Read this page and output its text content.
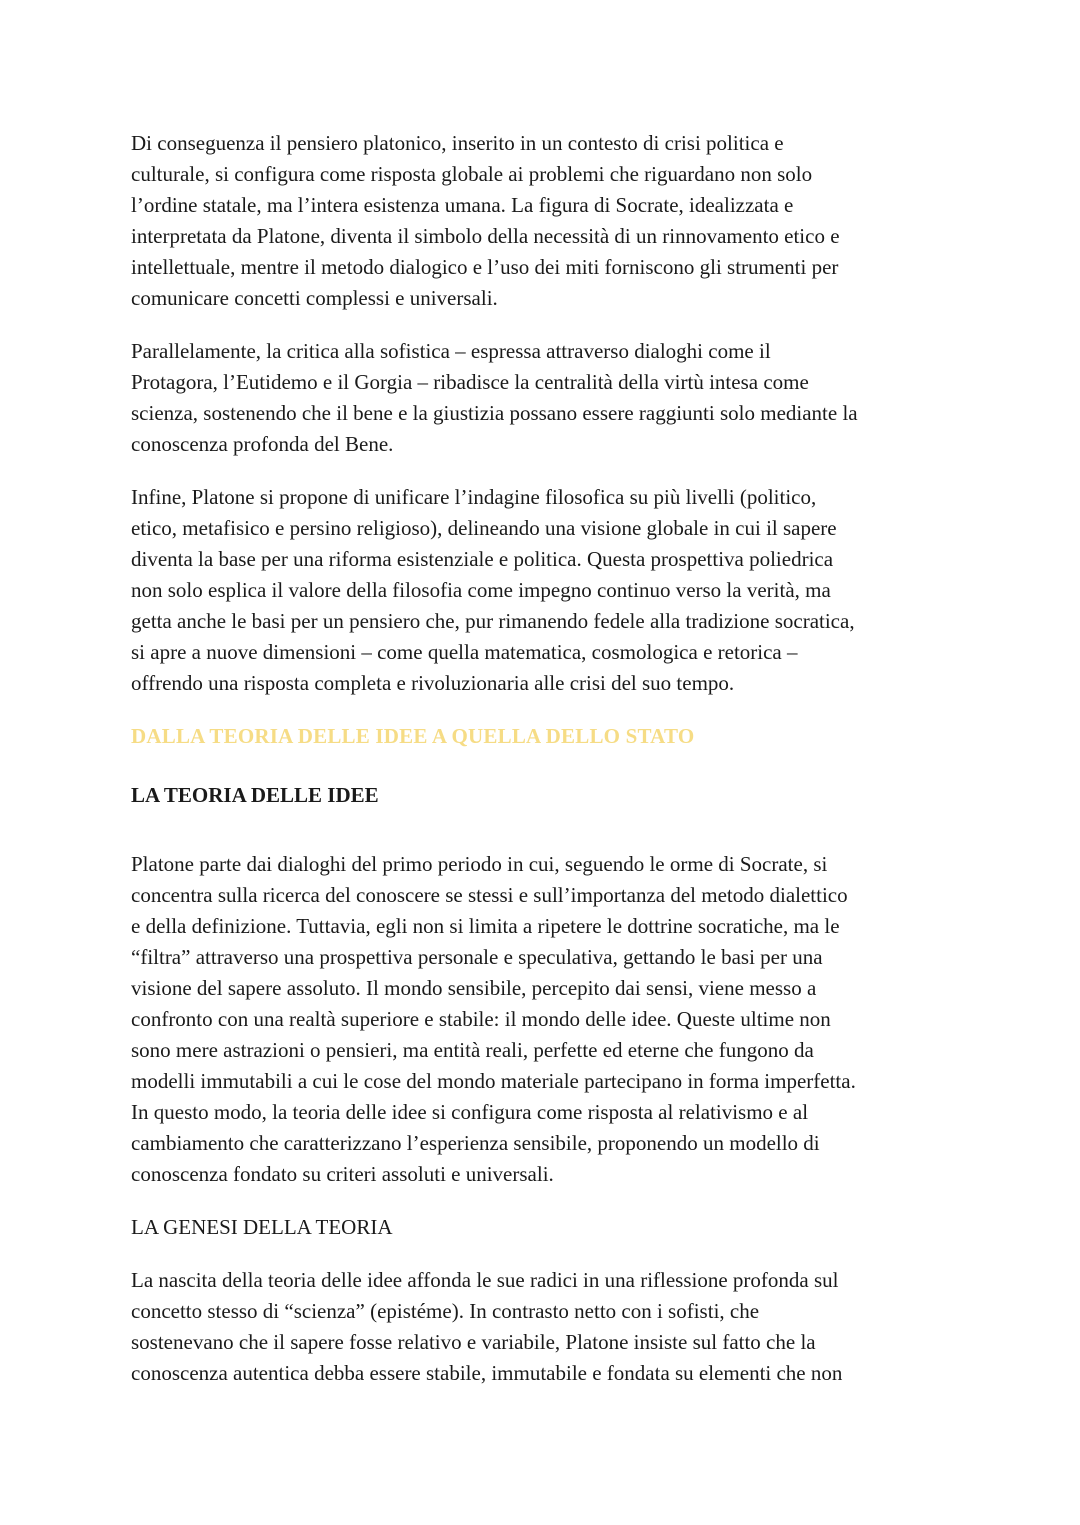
Di conseguenza il pensiero platonico, inserito in un contesto di crisi politica e
culturale, si configura come risposta globale ai problemi che riguardano non solo
l’ordine statale, ma l’intera esistenza umana. La figura di Socrate, idealizzata e
interpretata da Platone, diventa il simbolo della necessità di un rinnovamento etico e
intellettuale, mentre il metodo dialogico e l’uso dei miti forniscono gli strumenti per
comunicare concetti complessi e universali.

Parallelamente, la critica alla sofistica – espressa attraverso dialoghi come il
Protagora, l’Eutidemo e il Gorgia – ribadisce la centralità della virtù intesa come
scienza, sostenendo che il bene e la giustizia possano essere raggiunti solo mediante la
conoscenza profonda del Bene.

Infine, Platone si propone di unificare l’indagine filosofica su più livelli (politico,
etico, metafisico e persino religioso), delineando una visione globale in cui il sapere
diventa la base per una riforma esistenziale e politica. Questa prospettiva poliedrica
non solo esplica il valore della filosofia come impegno continuo verso la verità, ma
getta anche le basi per un pensiero che, pur rimanendo fedele alla tradizione socratica,
si apre a nuove dimensioni – come quella matematica, cosmologica e retorica –
offrendo una risposta completa e rivoluzionaria alle crisi del suo tempo.

DALLA TEORIA DELLE IDEE A QUELLA DELLO STATO
LA TEORIA DELLE IDEE

Platone parte dai dialoghi del primo periodo in cui, seguendo le orme di Socrate, si
concentra sulla ricerca del conoscere se stessi e sull’importanza del metodo dialettico
e della definizione. Tuttavia, egli non si limita a ripetere le dottrine socratiche, ma le
“filtra” attraverso una prospettiva personale e speculativa, gettando le basi per una
visione del sapere assoluto. Il mondo sensibile, percepito dai sensi, viene messo a
confronto con una realtà superiore e stabile: il mondo delle idee. Queste ultime non
sono mere astrazioni o pensieri, ma entità reali, perfette ed eterne che fungono da
modelli immutabili a cui le cose del mondo materiale partecipano in forma imperfetta.
In questo modo, la teoria delle idee si configura come risposta al relativismo e al
cambiamento che caratterizzano l’esperienza sensibile, proponendo un modello di
conoscenza fondato su criteri assoluti e universali.

LA GENESI DELLA TEORIA

La nascita della teoria delle idee affonda le sue radici in una riflessione profonda sul
concetto stesso di “scienza” (epistéme). In contrasto netto con i sofisti, che
sostenevano che il sapere fosse relativo e variabile, Platone insiste sul fatto che la
conoscenza autentica debba essere stabile, immutabile e fondata su elementi che non
